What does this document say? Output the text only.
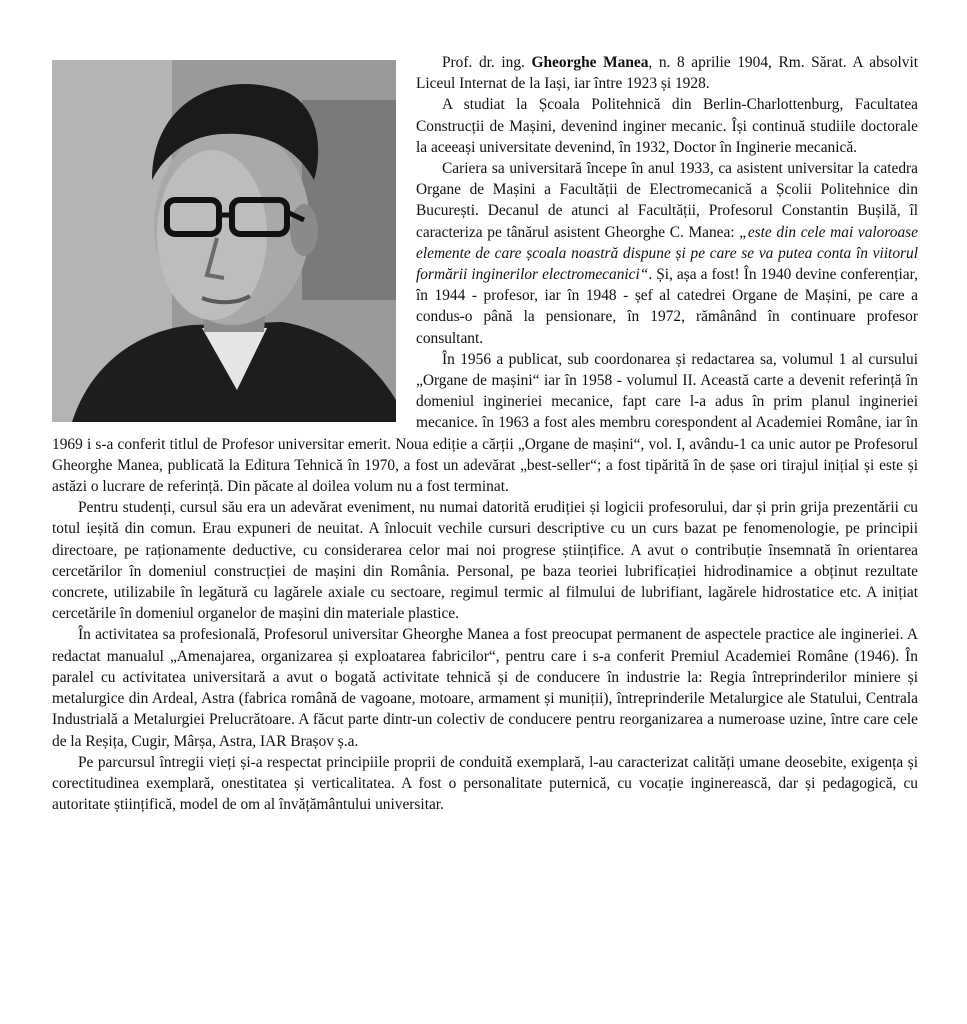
Prof. dr. ing. Gheorghe Manea, n. 8 aprilie 1904, Rm. Sărat. A absolvit Liceul Internat de la Iași, iar între 1923 și 1928.

A studiat la Școala Politehnică din Berlin-Charlottenburg, Facultatea Construcții de Mașini, devenind inginer mecanic. Își continuă studiile doctorale la aceeași universitate devenind, în 1932, Doctor în Inginerie mecanică.

Cariera sa universitară începe în anul 1933, ca asistent universitar la catedra Organe de Mașini a Facultății de Electromecanică a Școlii Politehnice din București. Decanul de atunci al Facultății, Profesorul Constantin Bușilă, îl caracteriza pe tânărul asistent Gheorghe C. Manea: „este din cele mai valoroase elemente de care școala noastră dispune și pe care se va putea conta în viitorul formării inginerilor electromecanici“. Și, așa a fost! În 1940 devine conferențiar, în 1944 - profesor, iar în 1948 - șef al catedrei Organe de Mașini, pe care a condus-o până la pensionare, în 1972, rămânând în continuare profesor consultant.

În 1956 a publicat, sub coordonarea și redactarea sa, volumul 1 al cursului „Organe de mașini“ iar în 1958 - volumul II. Această carte a devenit referință în domeniul ingineriei mecanice, fapt care l-a adus în prim planul ingineriei mecanice. în 1963 a fost ales membru corespondent al Academiei Române, iar în 1969 i s-a conferit titlul de Profesor universitar emerit. Noua ediție a cărții „Organe de mașini“, vol. I, avându-1 ca unic autor pe Profesorul Gheorghe Manea, publicată la Editura Tehnică în 1970, a fost un adevărat „best-seller“; a fost tipărită în de șase ori tirajul inițial și este și astăzi o lucrare de referință. Din păcate al doilea volum nu a fost terminat.

Pentru studenți, cursul său era un adevărat eveniment, nu numai datorită erudiției și logicii profesorului, dar și prin grija prezentării cu totul ieșită din comun. Erau expuneri de neuitat. A înlocuit vechile cursuri descriptive cu un curs bazat pe fenomenologie, pe principii directoare, pe raționamente deductive, cu considerarea celor mai noi progrese științifice. A avut o contribuție însemnată în orientarea cercetărilor în domeniul construcției de mașini din România. Personal, pe baza teoriei lubrificației hidrodinamice a obținut rezultate concrete, utilizabile în legătură cu lagărele axiale cu sectoare, regimul termic al filmului de lubrifiant, lagărele hidrostatice etc. A inițiat cercetările în domeniul organelor de mașini din materiale plastice.

În activitatea sa profesională, Profesorul universitar Gheorghe Manea a fost preocupat permanent de aspectele practice ale ingineriei. A redactat manualul „Amenajarea, organizarea și exploatarea fabricilor“, pentru care i s-a conferit Premiul Academiei Române (1946). În paralel cu activitatea universitară a avut o bogată activitate tehnică și de conducere în industrie la: Regia întreprinderilor miniere și metalurgice din Ardeal, Astra (fabrica română de vagoane, motoare, armament și muniții), întreprinderile Metalurgice ale Statului, Centrala Industrială a Metalurgiei Prelucrătoare. A făcut parte dintr-un colectiv de conducere pentru reorganizarea a numeroase uzine, între care cele de la Reșița, Cugir, Mârșa, Astra, IAR Brașov ș.a.

Pe parcursul întregii vieți și-a respectat principiile proprii de conduită exemplară, l-au caracterizat calități umane deosebite, exigența și corectitudinea exemplară, onestitatea și verticalitatea. A fost o personalitate puternică, cu vocație inginerească, dar și pedagogică, cu autoritate științifică, model de om al învățământului universitar.
